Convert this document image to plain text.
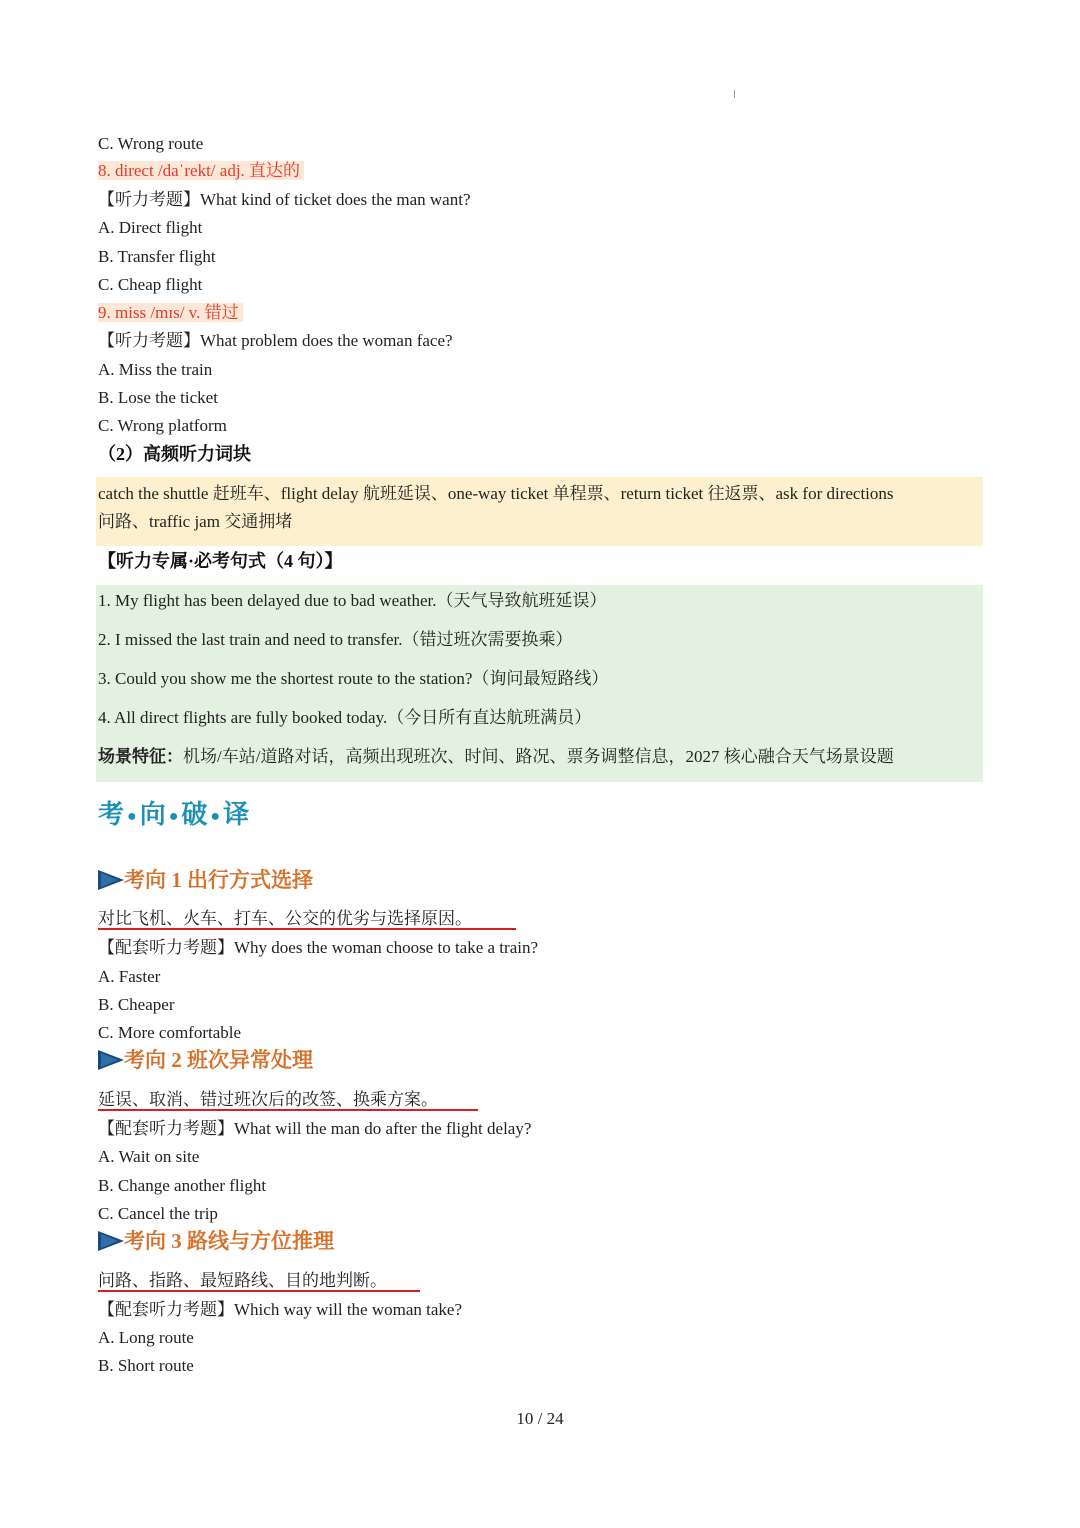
C. Wrong route
8. direct /daˈrekt/ adj. 直达的
【听力考题】What kind of ticket does the man want?
A. Direct flight
B. Transfer flight
C. Cheap flight
9. miss /mɪs/ v. 错过
【听力考题】What problem does the woman face?
A. Miss the train
B. Lose the ticket
C. Wrong platform
（2）高频听力词块
catch the shuttle 赶班车、flight delay 航班延误、one-way ticket 单程票、return ticket 往返票、ask for directions
问路、traffic jam 交通拥堵
【听力专属·必考句式（4 句）】
1. My flight has been delayed due to bad weather.（天气导致航班延误）
2. I missed the last train and need to transfer.（错过班次需要换乘）
3. Could you show me the shortest route to the station?（询问最短路线）
4. All direct flights are fully booked today.（今日所有直达航班满员）
场景特征：机场/车站/道路对话，高频出现班次、时间、路况、票务调整信息，2027 核心融合天气场景设题
考 ●向 ●破 ●译
考向 1 出行方式选择
对比飞机、火车、打车、公交的优劣与选择原因。
【配套听力考题】Why does the woman choose to take a train?
A. Faster
B. Cheaper
C. More comfortable
考向 2 班次异常处理
延误、取消、错过班次后的改签、换乘方案。
【配套听力考题】What will the man do after the flight delay?
A. Wait on site
B. Change another flight
C. Cancel the trip
考向 3 路线与方位推理
问路、指路、最短路线、目的地判断。
【配套听力考题】Which way will the woman take?
A. Long route
B. Short route
10 / 24
